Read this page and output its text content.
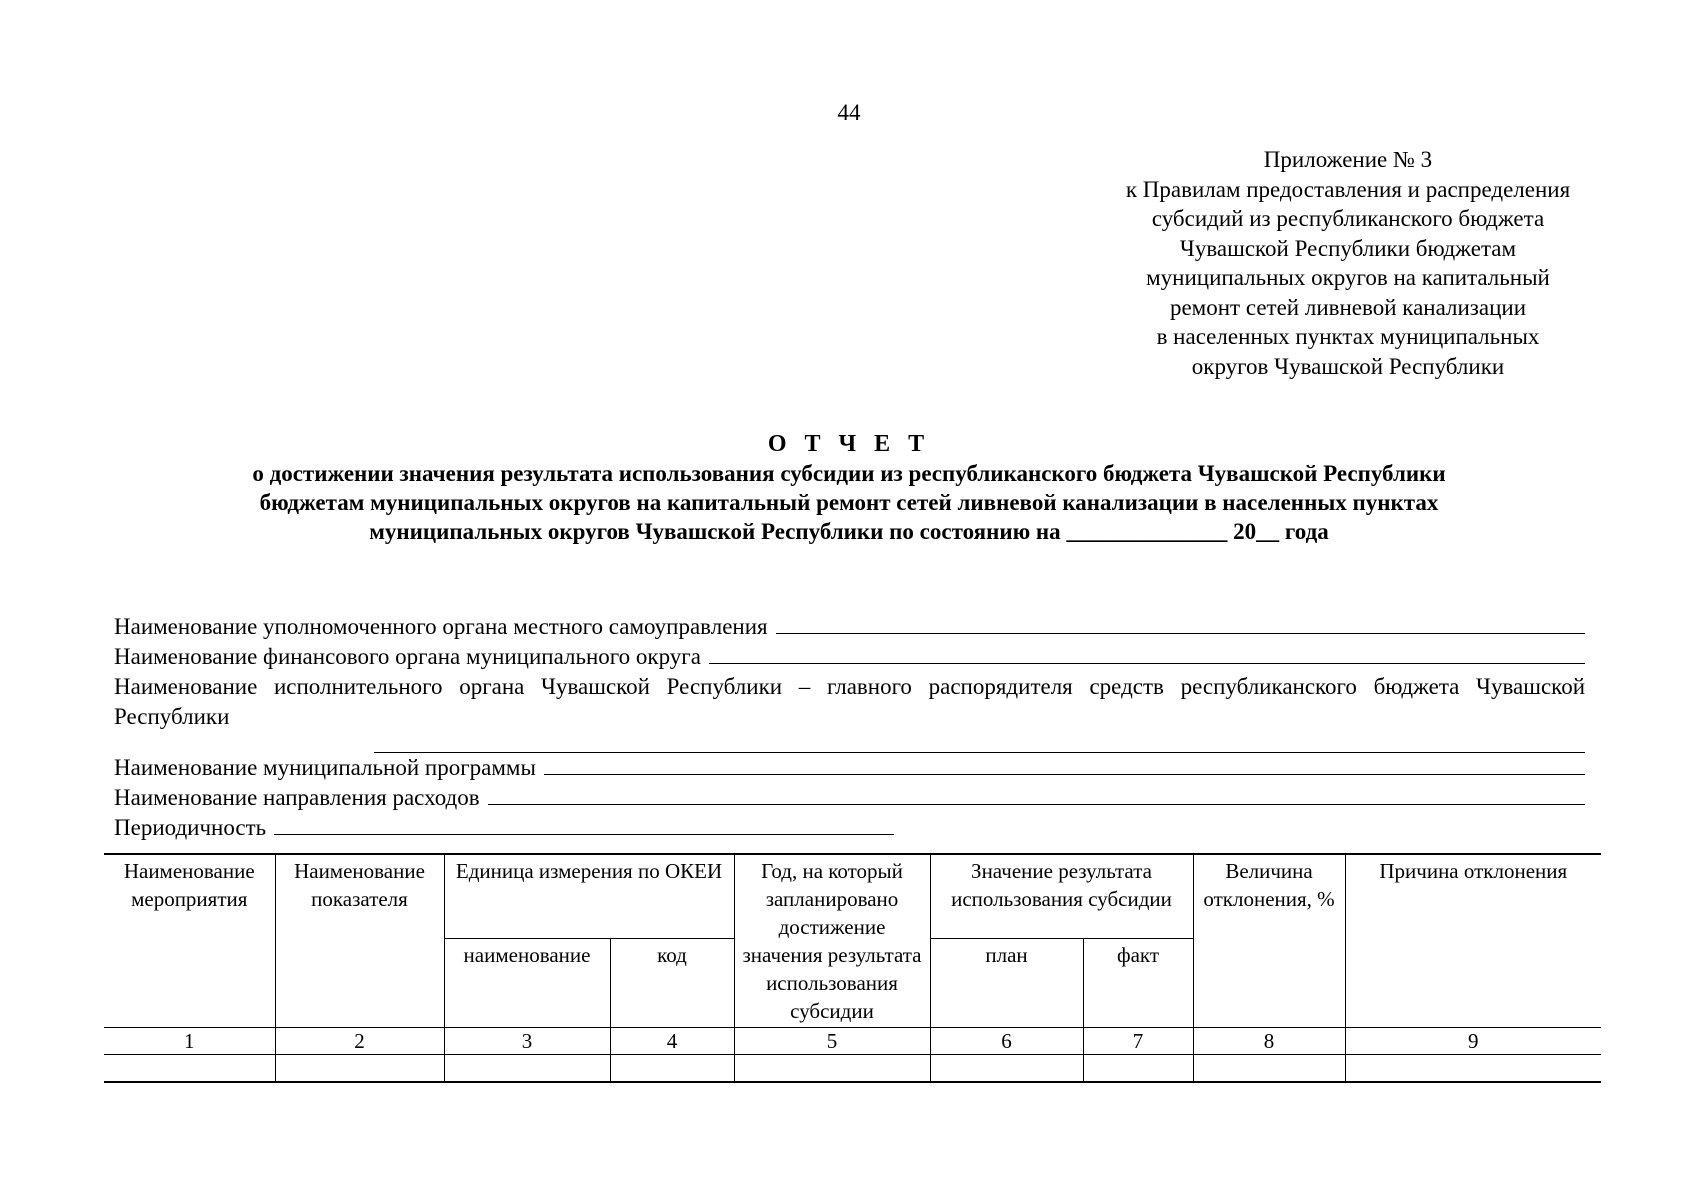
44
Приложение № 3
к Правилам предоставления и распределения
субсидий из республиканского бюджета
Чувашской Республики бюджетам
муниципальных округов на капитальный
ремонт сетей ливневой канализации
в населенных пунктах муниципальных
округов Чувашской Республики
О Т Ч Е Т
о достижении значения результата использования субсидии из республиканского бюджета Чувашской Республики
бюджетам муниципальных округов на капитальный ремонт сетей ливневой канализации в населенных пунктах
муниципальных округов Чувашской Республики по состоянию на ______________ 20__ года
Наименование уполномоченного органа местного самоуправления
Наименование финансового органа муниципального округа
Наименование исполнительного органа Чувашской Республики – главного распорядителя средств республиканского бюджета Чувашской Республики
Наименование муниципальной программы
Наименование направления расходов
Периодичность
Наименование мероприятия	Наименование показателя	Единица измерения по ОКЕИ		Год, на который запланировано достижение значения результата использования субсидии	Значение результата использования субсидии		Величина отклонения, %	Причина отклонения
		наименование	код		план	факт		
1	2	3	4	5	6	7	8	9
